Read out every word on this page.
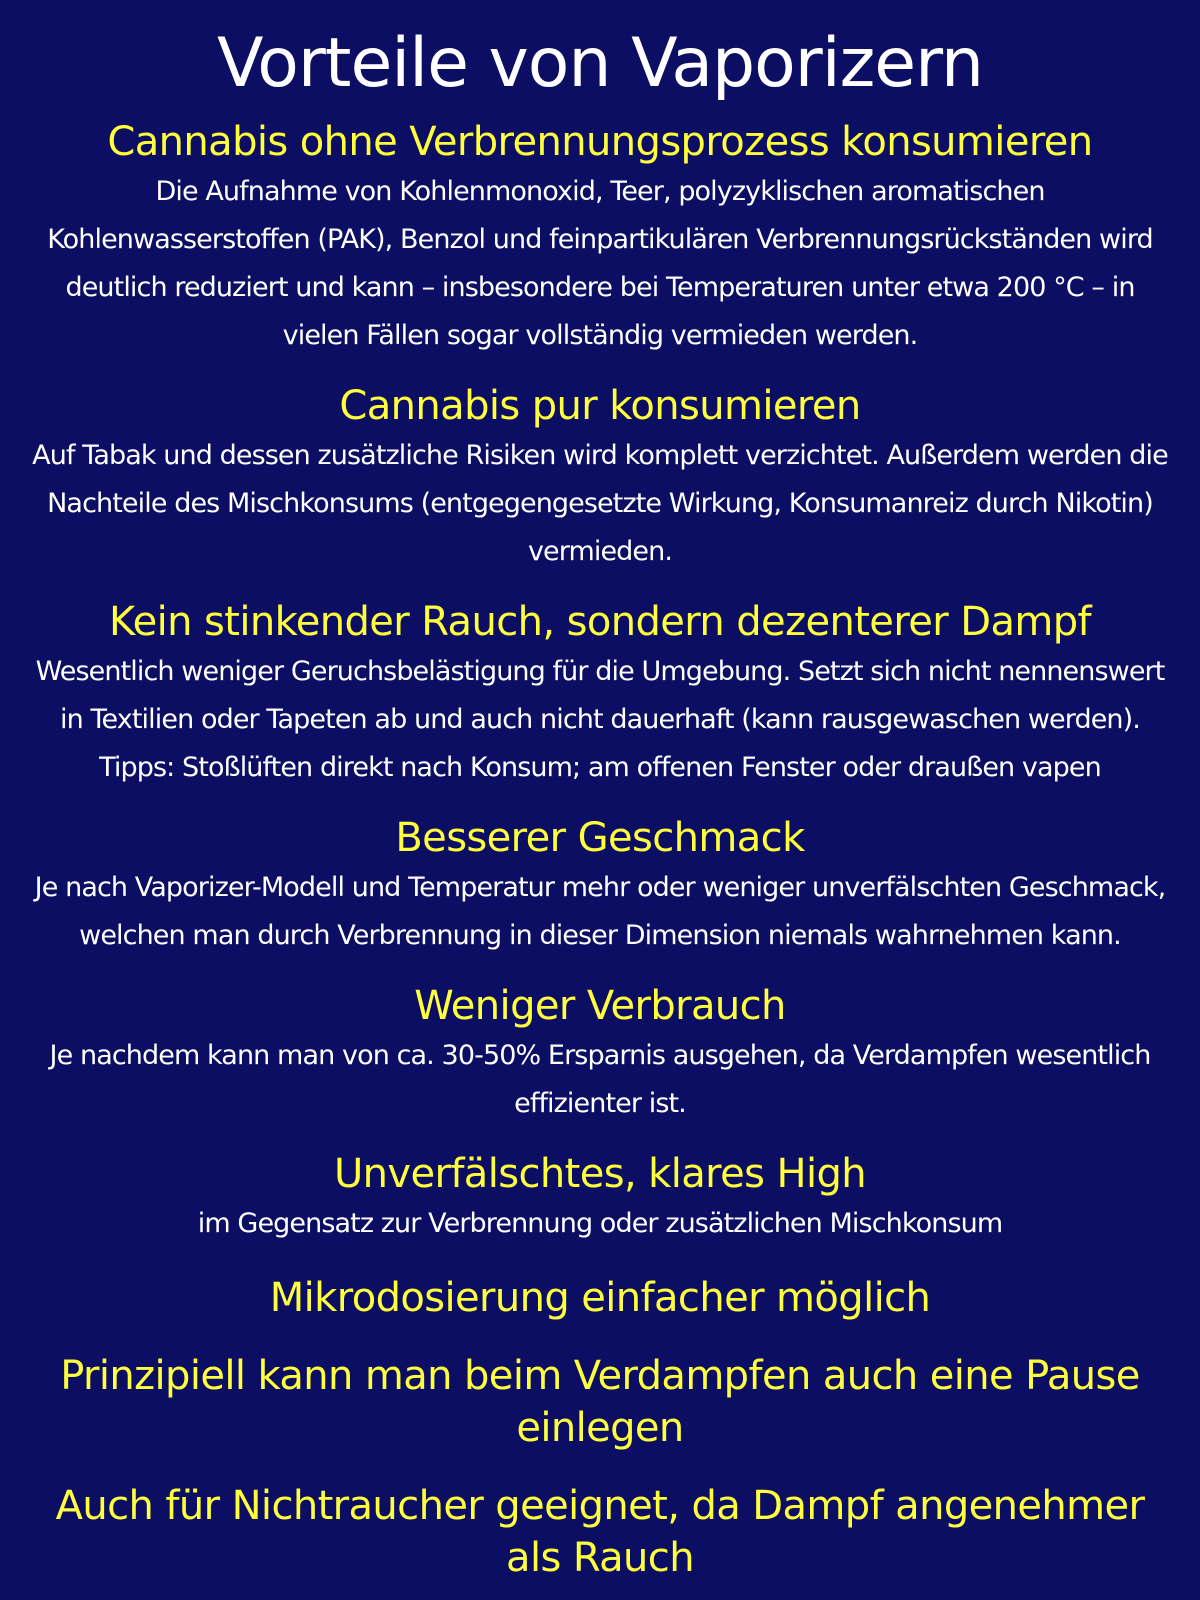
Vorteile von Vaporizern
Cannabis ohne Verbrennungsprozess konsumieren

Die Aufnahme von Kohlenmonoxid, Teer, polyzyklischen aromatischen Kohlenwasserstoffen (PAK), Benzol und feinpartikulären Verbrennungsrückständen wird deutlich reduziert und kann – insbesondere bei Temperaturen unter etwa 200 °C – in vielen Fällen sogar vollständig vermieden werden.

Cannabis pur konsumieren

Auf Tabak und dessen zusätzliche Risiken wird komplett verzichtet. Außerdem werden die Nachteile des Mischkonsums (entgegengesetzte Wirkung, Konsumanreiz durch Nikotin) vermieden.

Kein stinkender Rauch, sondern dezenterer Dampf

Wesentlich weniger Geruchsbelästigung für die Umgebung. Setzt sich nicht nennenswert in Textilien oder Tapeten ab und auch nicht dauerhaft (kann rausgewaschen werden). Tipps: Stoßlüften direkt nach Konsum; am offenen Fenster oder draußen vapen

Besserer Geschmack

Je nach Vaporizer-Modell und Temperatur mehr oder weniger unverfälschten Geschmack, welchen man durch Verbrennung in dieser Dimension niemals wahrnehmen kann.

Weniger Verbrauch

Je nachdem kann man von ca. 30-50% Ersparnis ausgehen, da Verdampfen wesentlich effizienter ist.

Unverfälschtes, klares High

im Gegensatz zur Verbrennung oder zusätzlichen Mischkonsum

Mikrodosierung einfacher möglich
Prinzipiell kann man beim Verdampfen auch eine Pause einlegen
Auch für Nichtraucher geeignet, da Dampf angenehmer als Rauch
